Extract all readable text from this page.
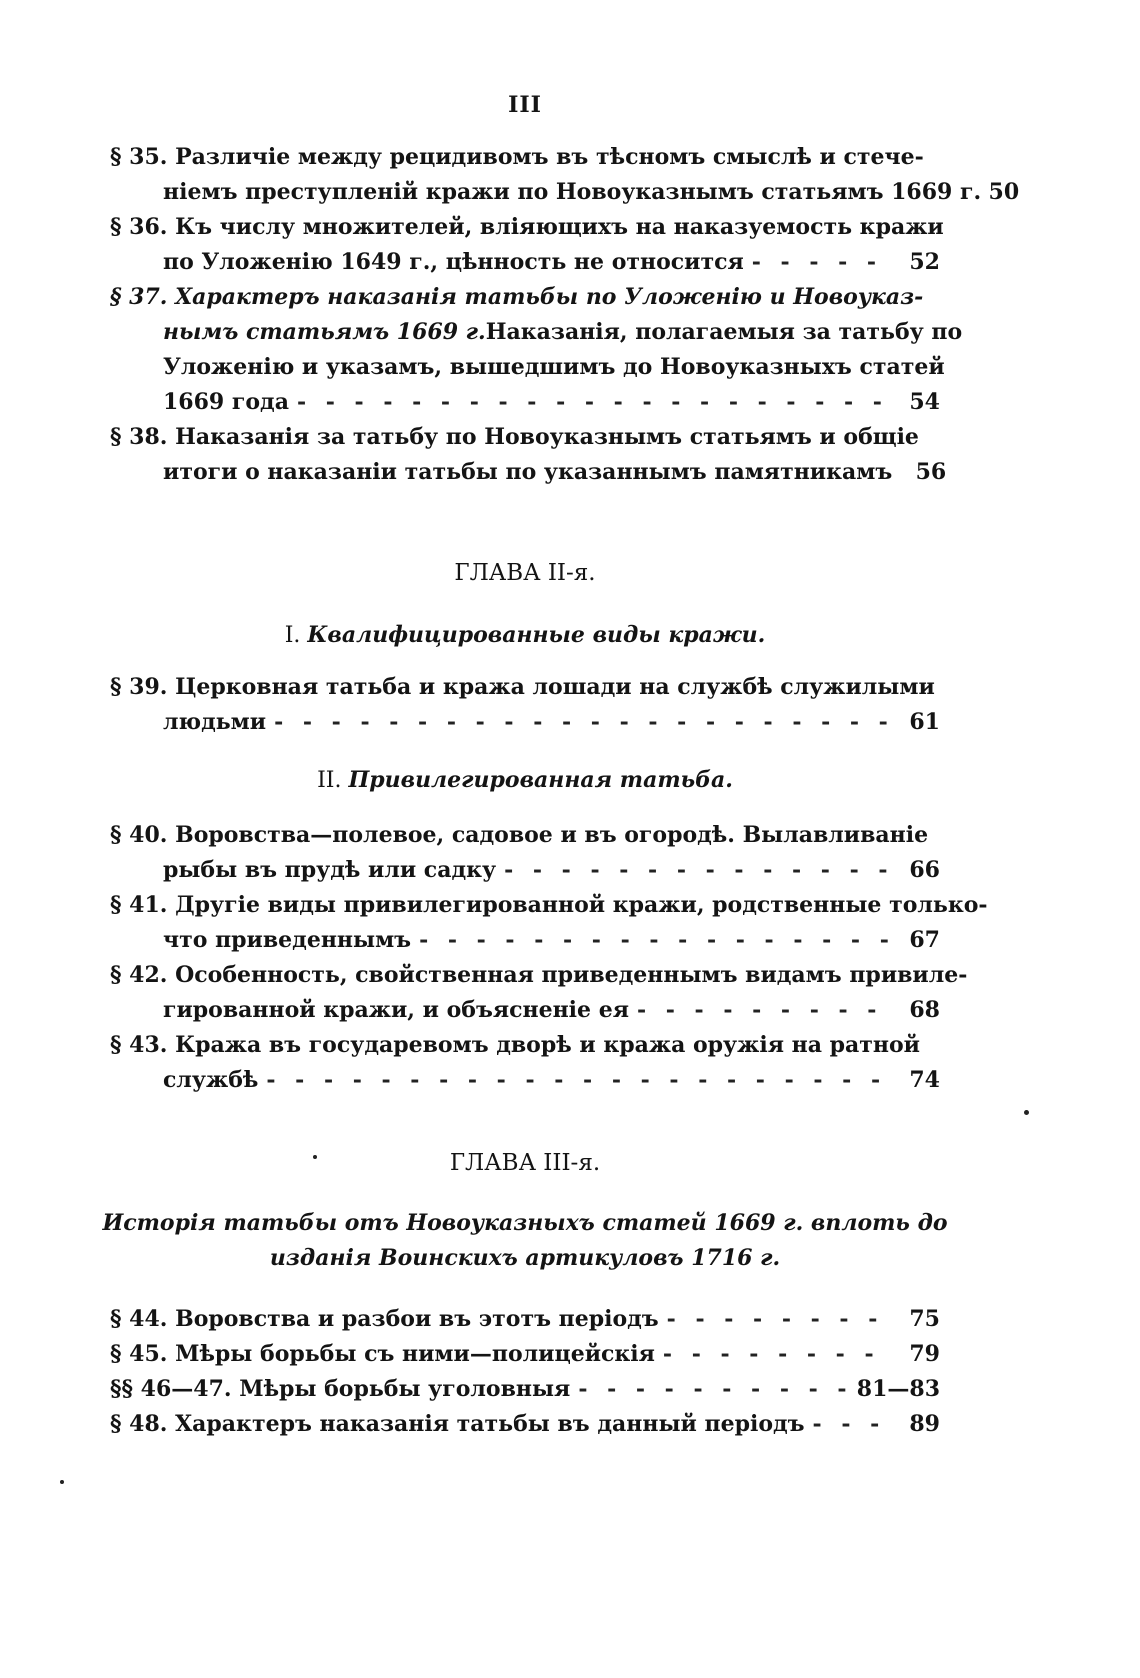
III
§ 35. Различіе между рецидивомъ въ тѣсномъ смыслѣ и стече-
ніемъ преступленій кражи по Новоуказнымъ статьямъ 1669 г. 50
§ 36. Къ числу множителей, вліяющихъ на наказуемость кражи
по Уложенію 1649 г., цѣнность не относится - - -	52
§ 37. Характеръ наказанія татьбы по Уложенію и Новоуказ-
нымъ статьямъ 1669 г. Наказанія, полагаемыя за татьбу по
Уложенію и указамъ, вышедшимъ до Новоуказныхъ статей
1669 года - - -	54
§ 38. Наказанія за татьбу по Новоуказнымъ статьямъ и общіе
итоги о наказаніи татьбы по указаннымъ памятникамъ	56
ГЛАВА II-я.
I. Квалифицированные виды кражи.
§ 39. Церковная татьба и кража лошади на службѣ служилыми
людьми - - -	61
II. Привилегированная татьба.
§ 40. Воровства—полевое, садовое и въ огородѣ. Вылавливаніе
рыбы въ прудѣ или садку - - -	66
§ 41. Другіе виды привилегированной кражи, родственные только-
что приведеннымъ - - -	67
§ 42. Особенность, свойственная приведеннымъ видамъ привиле-
гированной кражи, и объясненіе ея - - -	68
§ 43. Кража въ государевомъ дворѣ и кража оружія на ратной
службѣ - - -	74
ГЛАВА III-я.
Исторія татьбы отъ Новоуказныхъ статей 1669 г. вплоть до
изданія Воинскихъ артикуловъ 1716 г.
§ 44. Воровства и разбои въ этотъ періодъ - - -	75
§ 45. Мѣры борьбы съ ними—полицейскія - - -	79
§§ 46—47. Мѣры борьбы уголовныя - - -	81—83
§ 48. Характеръ наказанія татьбы въ данный періодъ - - -	89
